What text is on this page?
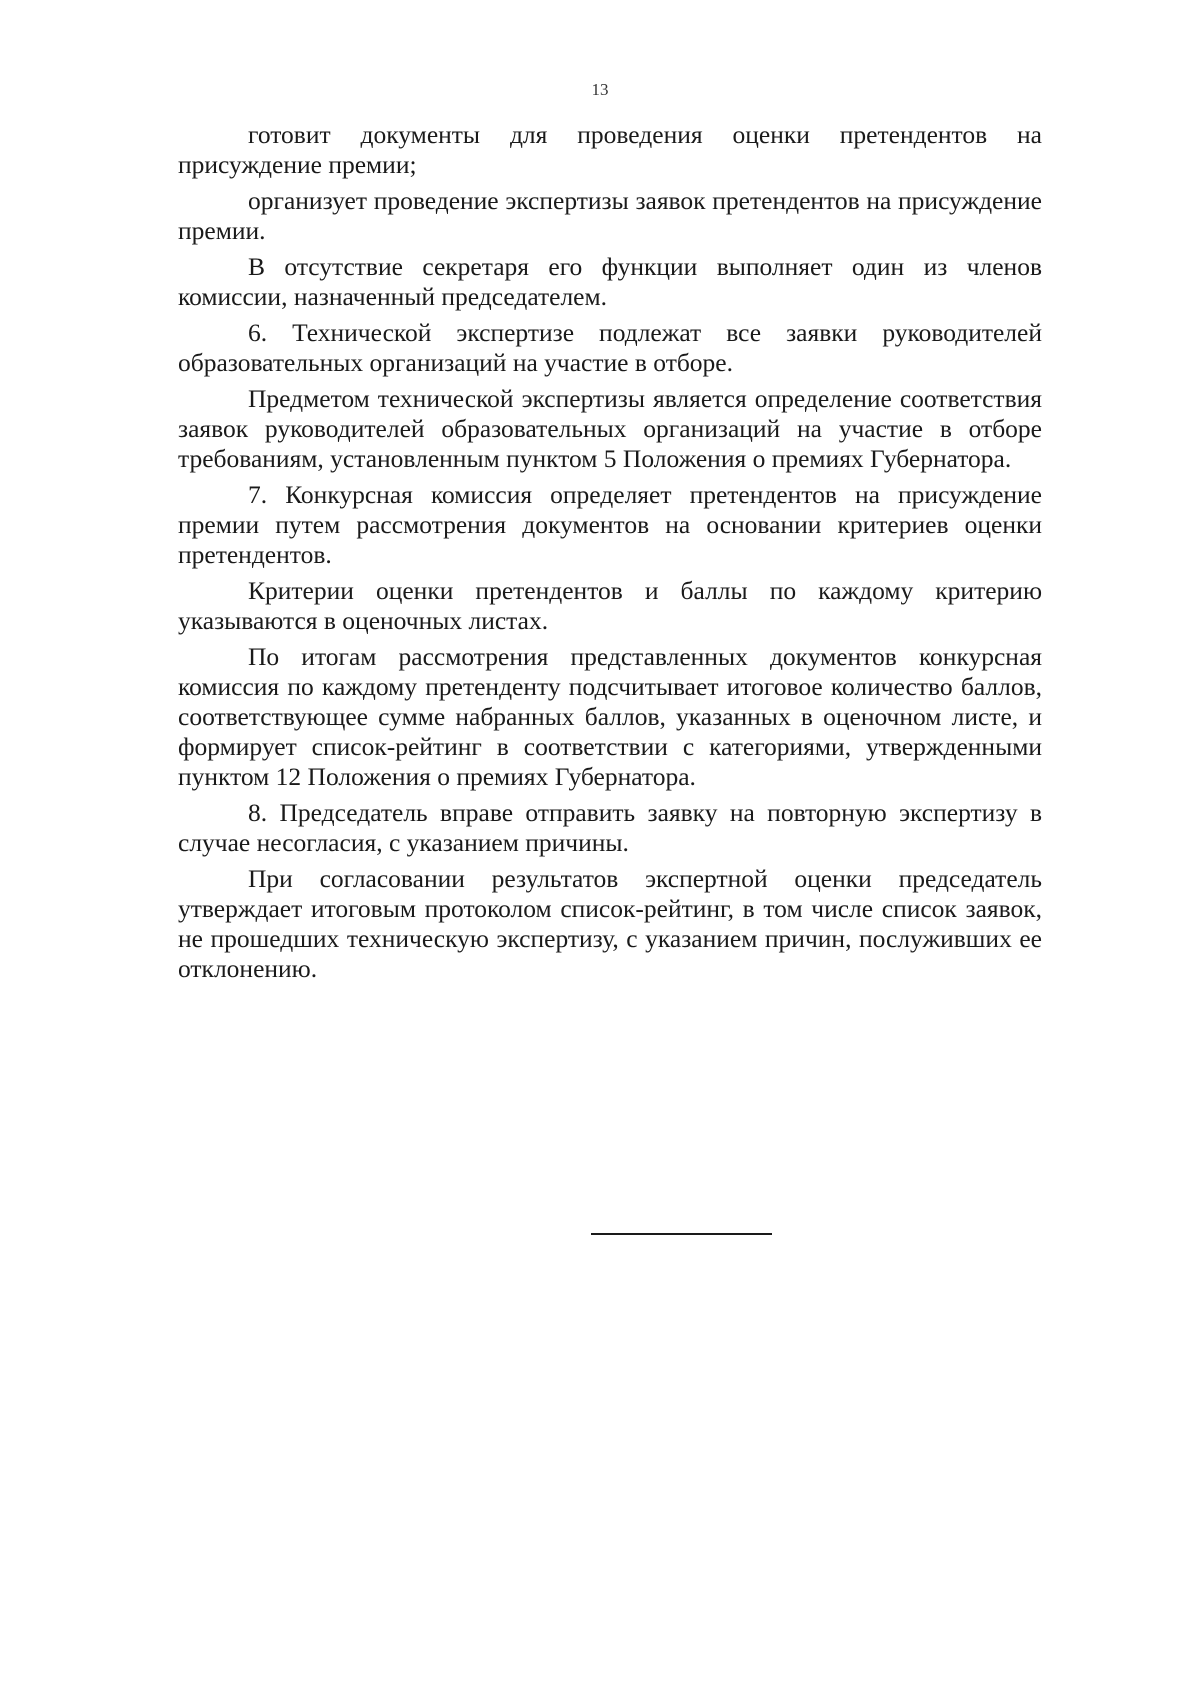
13

готовит документы для проведения оценки претендентов на присуждение премии;

организует проведение экспертизы заявок претендентов на присуждение премии.

В отсутствие секретаря его функции выполняет один из членов комиссии, назначенный председателем.

6. Технической экспертизе подлежат все заявки руководителей образовательных организаций на участие в отборе.

Предметом технической экспертизы является определение соответствия заявок руководителей образовательных организаций на участие в отборе требованиям, установленным пунктом 5 Положения о премиях Губернатора.

7. Конкурсная комиссия определяет претендентов на присуждение премии путем рассмотрения документов на основании критериев оценки претендентов.

Критерии оценки претендентов и баллы по каждому критерию указываются в оценочных листах.

По итогам рассмотрения представленных документов конкурсная комиссия по каждому претенденту подсчитывает итоговое количество баллов, соответствующее сумме набранных баллов, указанных в оценочном листе, и формирует список-рейтинг в соответствии с категориями, утвержденными пунктом 12 Положения о премиях Губернатора.

8. Председатель вправе отправить заявку на повторную экспертизу в случае несогласия, с указанием причины.

При согласовании результатов экспертной оценки председатель утверждает итоговым протоколом список-рейтинг, в том числе список заявок, не прошедших техническую экспертизу, с указанием причин, послуживших ее отклонению.
